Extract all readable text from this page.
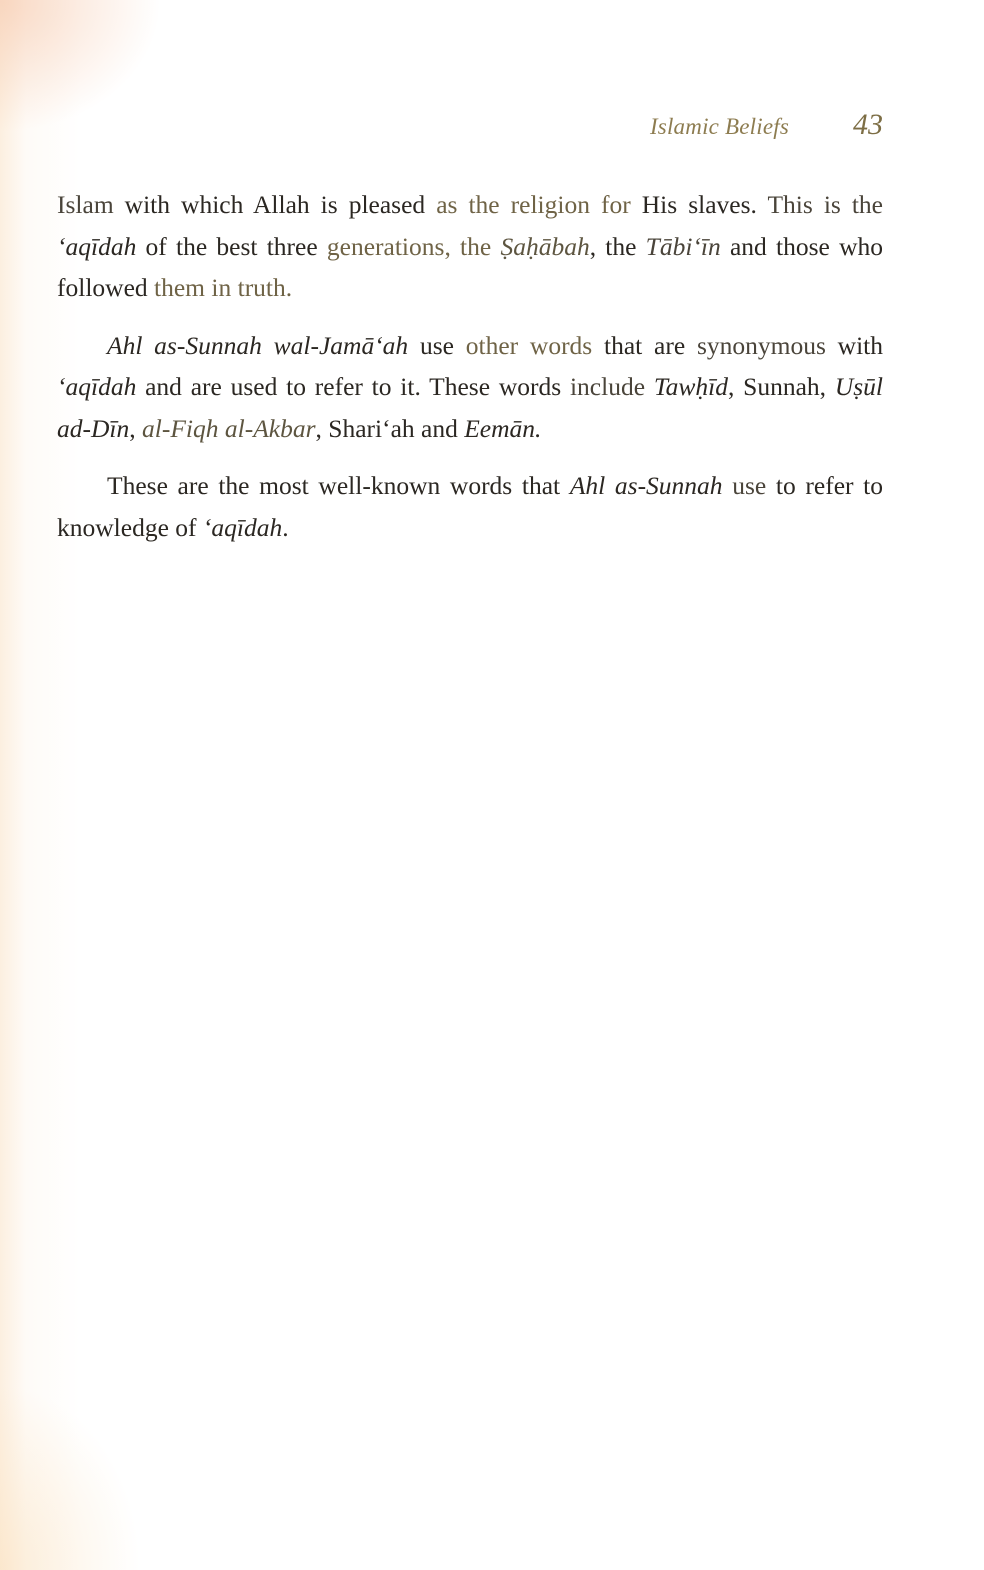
Islamic Beliefs	43

Islam with which Allah is pleased as the religion for His slaves. This is the ‘aqīdah of the best three generations, the Ṣaḥābah, the Tābi‘īn and those who followed them in truth.

Ahl as-Sunnah wal-Jamā‘ah use other words that are synonymous with ‘aqīdah and are used to refer to it. These words include Tawḥīd, Sunnah, Uṣūl ad-Dīn, al-Fiqh al-Akbar, Shari‘ah and Eemān.

These are the most well-known words that Ahl as-Sunnah use to refer to knowledge of ‘aqīdah.
